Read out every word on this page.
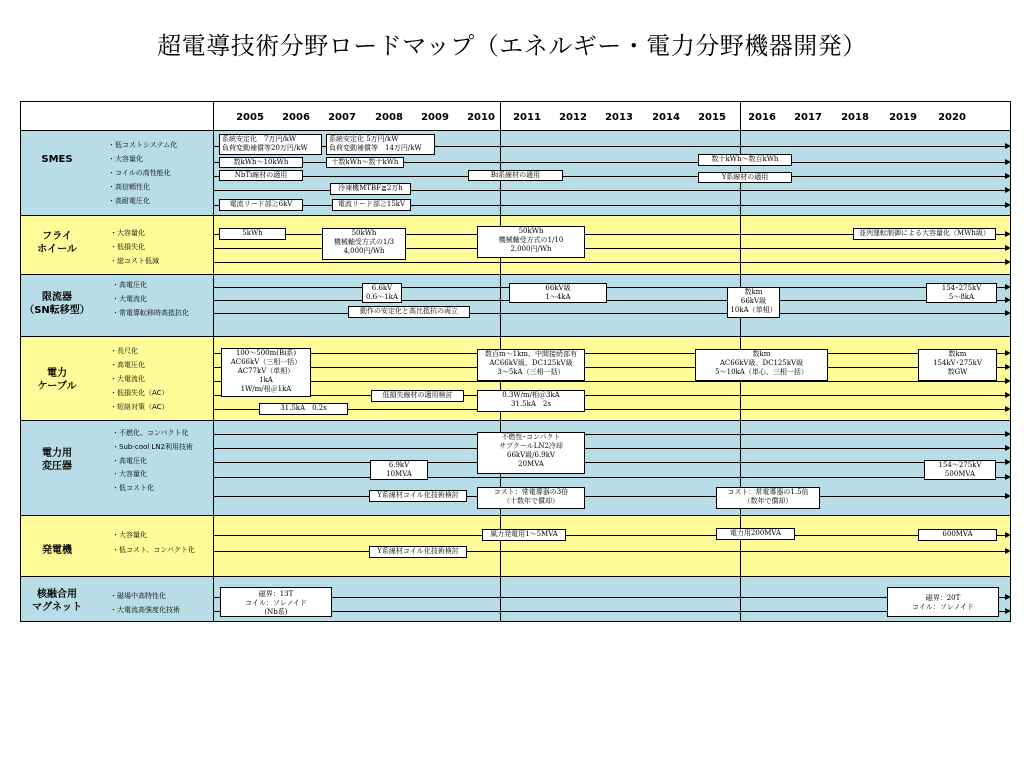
超電導技術分野ロードマップ（エネルギー・電力分野機器開発）
2005 2006 2007 2008 2009 2010 2011 2012 2013 2014 2015 2016 2017 2018 2019 2020
SMES
・低コストシステム化
・大容量化
・コイルの高性能化
・高信頼性化
・高耐電圧化
系統安定化　7万円/kW
負荷変動補償等20万円/kW
系統安定化 5万円/kW
負荷変動補償等　14万円/kW
数kWh～10kWh	十数kWh～数十kWh	数十kWh～数百kWh
NbTi線材の適用	Bi系線材の適用	Y系線材の適用
冷凍機MTBF≧2万h
電流リード部≧6kV	電流リード部≧15kV
フライ
ホイール
・大容量化
・低損失化
・総コスト低減
5kWh	50kWh
機械軸受方式の1/3
4,000円/Wh
50kWh
機械軸受方式の1/10
2,000円/Wh
並列運転制御による大容量化（MWh級）
限流器
（SN転移型）
・高電圧化
・大電流化
・常電導転移時高抵抗化
6.6kV
0.6～1kA
66kV級
1～4kA
数km
66kV級
10kA（単相）
154･275kV
5～8kA
動作の安定化と高比抵抗の両立
電力
ケーブル
・長尺化
・高電圧化
・大電流化
・低損失化（AC）
・短絡対策（AC）
100～500m(Bi系)
AC66kV（三相一括）
AC77kV（単相）
1kA
1W/m/相＠1kA
数百m～1km、中間接続部有
AC66kV級、DC125kV級
3～5kA（三相一括）
数km
AC66kV級、DC125kV級
5～10kA（単心、三相一括）
数km
154kV･275kV
数GW
低損失線材の適用検討	0.3W/m/相＠3kA
31.5kA　2s
31.5kA　0.2s
電力用
変圧器
・不燃化、コンパクト化
・Sub-cool LN2利用技術
・高電圧化
・大容量化
・低コスト化
不燃性･コンパクト
サブクールLN2冷却
66kV級/6.9kV
20MVA
6.9kV
10MVA
154～275kV
500MVA
Y系線材コイル化技術検討	コスト：常電導器の3倍
（十数年で償却）
コスト：常電導器の1.5倍
（数年で償却）
発電機
・大容量化
・低コスト、コンパクト化
風力発電用1～5MVA	電力用200MVA	600MVA
Y系線材コイル化技術検討
核融合用
マグネット
・磁場中高特性化
・大電流高強度化技術
磁界：13T
コイル：ソレノイド
(Nb系)
磁界：20T
コイル：ソレノイド
